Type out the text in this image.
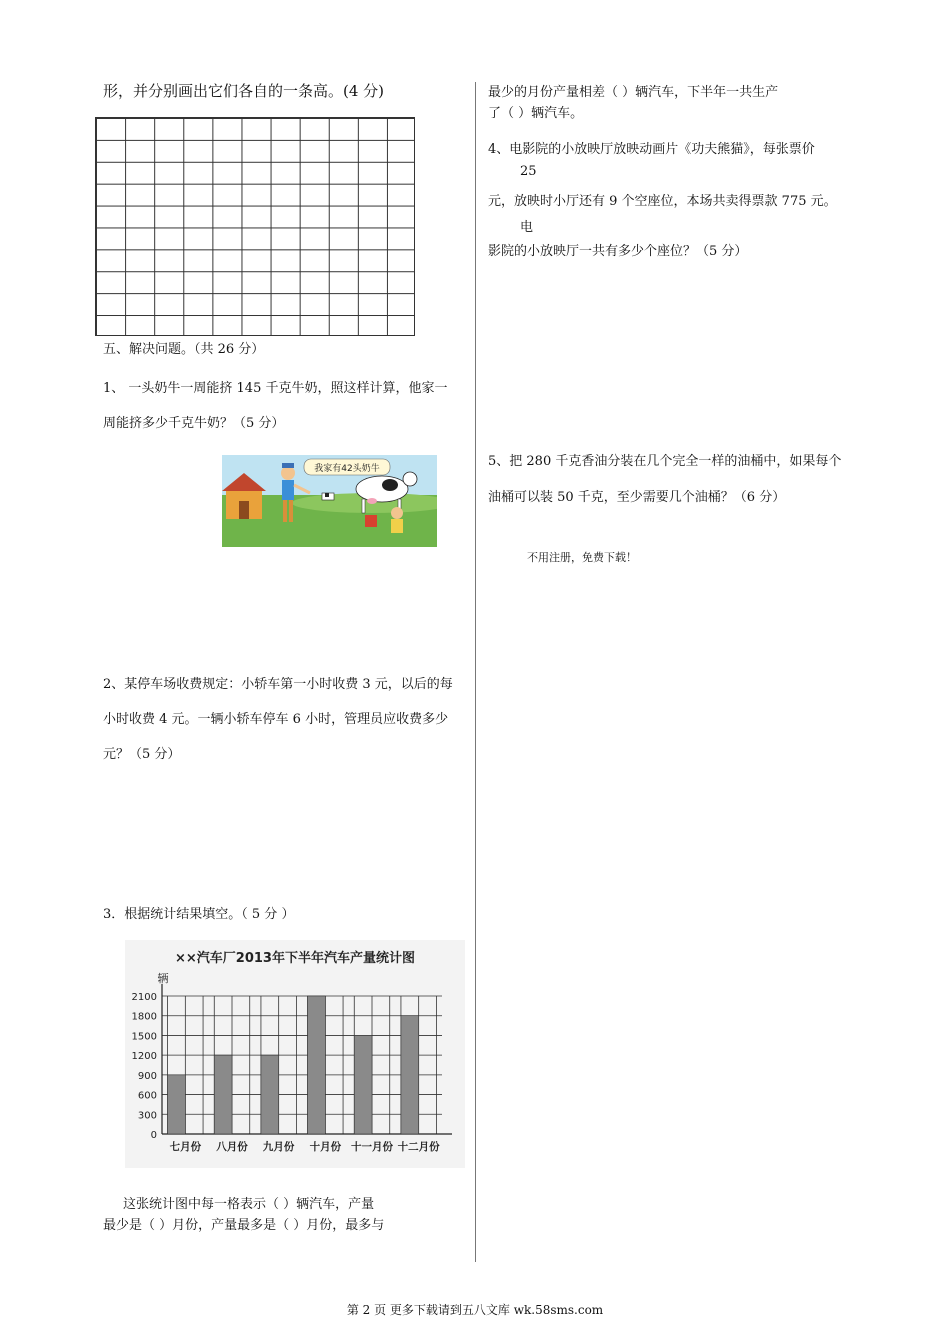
形，并分别画出它们各自的一条高。(4 分)
五、解决问题。（共 26 分）
1、 一头奶牛一周能挤 145 千克牛奶，照这样计算，他家一
周能挤多少千克牛奶？（5 分）
我家有42头奶牛
2、某停车场收费规定：小轿车第一小时收费 3 元，以后的每
小时收费 4 元。一辆小轿车停车 6 小时，管理员应收费多少
元？（5 分）
3．根据统计结果填空。（ 5 分 ）
××汽车厂2013年下半年汽车产量统计图
辆
0
300
600
900
1200
1500
1800
2100
七月份 八月份 九月份 十月份 十一月份 十二月份
这张统计图中每一格表示（ ）辆汽车，产量
最少是（ ）月份，产量最多是（ ）月份，最多与
最少的月份产量相差（ ）辆汽车，下半年一共生产
了（ ）辆汽车。
4、电影院的小放映厅放映动画片《功夫熊猫》，每张票价
25
元，放映时小厅还有 9 个空座位，本场共卖得票款 775 元。
电
影院的小放映厅一共有多少个座位？（5 分）
5、把 280 千克香油分装在几个完全一样的油桶中，如果每个
油桶可以装 50 千克，至少需要几个油桶？（6 分）
不用注册，免费下载！
第 2 页 更多下载请到五八文库 wk.58sms.com
